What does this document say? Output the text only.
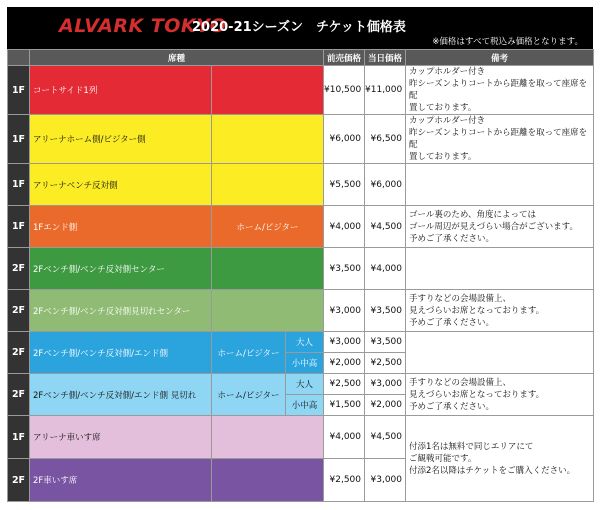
ALVARK TOKYO
2020-21シーズン　チケット価格表
※価格はすべて税込み価格となります。
	席種			前売価格	当日価格	備考
1F	コートサイド1列			¥10,500	¥11,000	カップホルダー付き
昨シーズンよりコートから距離を取って座席を配
置しております。

1F	アリーナホーム側/ビジター側			¥6,000	¥6,500	カップホルダー付き
昨シーズンよりコートから距離を取って座席を配
置しております。

1F	アリーナベンチ反対側			¥5,500	¥6,000	
1F	1Fエンド側	ホーム/ビジター		¥4,000	¥4,500	ゴール裏のため、角度によっては
ゴール周辺が見えづらい場合がございます。
予めご了承ください。

2F	2Fベンチ側/ベンチ反対側センター			¥3,500	¥4,000	
2F	2Fベンチ側/ベンチ反対側見切れセンター			¥3,000	¥3,500	手すりなどの会場設備上、
見えづらいお席となっております。
予めご了承ください。

2F	2Fベンチ側/ベンチ反対側/エンド側	ホーム/ビジター	大人	¥3,000	¥3,500	
			小中高	¥2,000	¥2,500	
2F	2Fベンチ側/ベンチ反対側/エンド側 見切れ	ホーム/ビジター	大人	¥2,500	¥3,000	手すりなどの会場設備上、
見えづらいお席となっております。
予めご了承ください。

			小中高	¥1,500	¥2,000	
1F	アリーナ車いす席			¥4,000	¥4,500	付添1名は無料で同じエリアにて
ご観戦可能です。
付添2名以降はチケットをご購入ください。

2F	2F車いす席			¥2,500	¥3,000	
